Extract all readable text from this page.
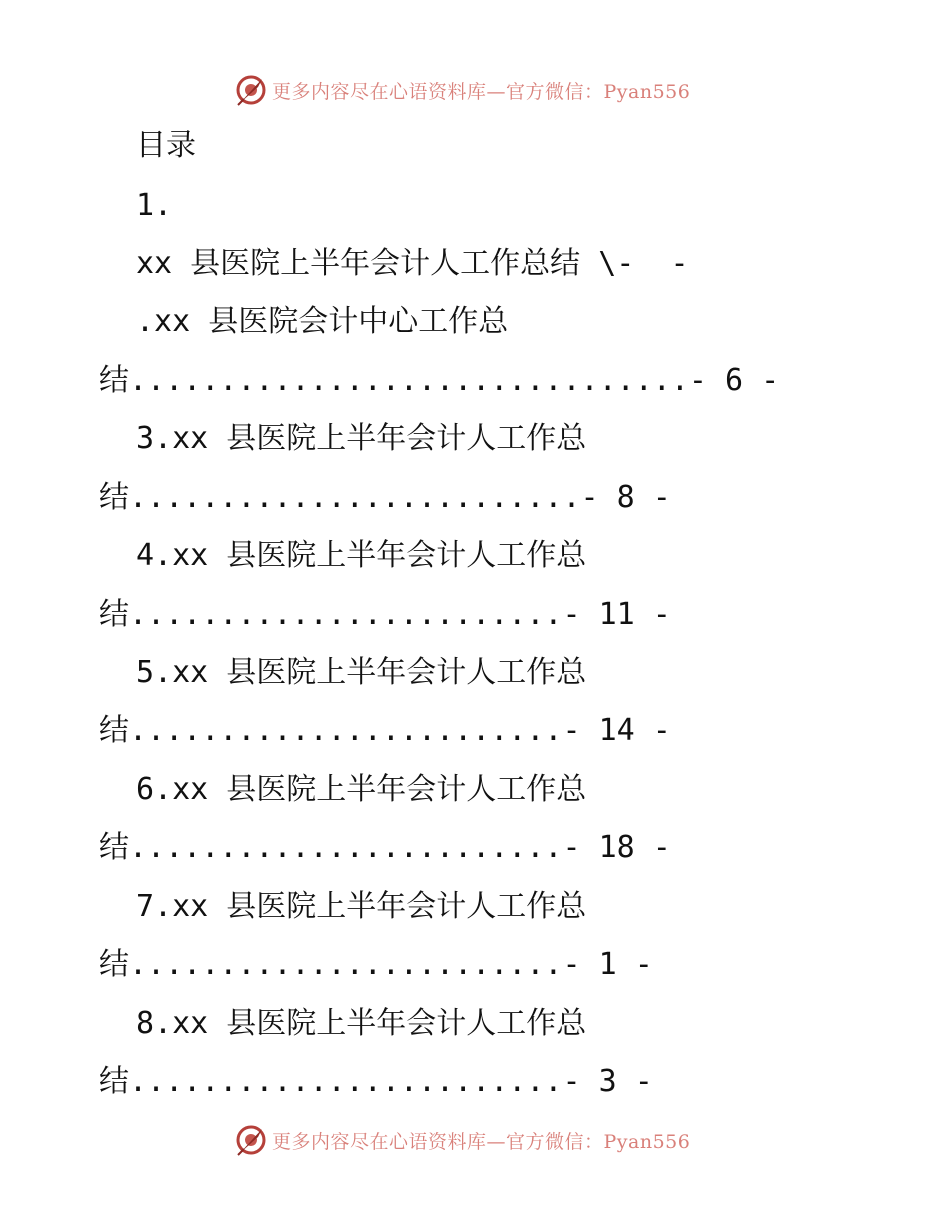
更多内容尽在心语资料库—官方微信：Pyan556
目录
1.
xx 县医院上半年会计人工作总结 \-  -
.xx 县医院会计中心工作总
结...............................- 6 -
3.xx 县医院上半年会计人工作总
结.........................- 8 -
4.xx 县医院上半年会计人工作总
结........................- 11 -
5.xx 县医院上半年会计人工作总
结........................- 14 -
6.xx 县医院上半年会计人工作总
结........................- 18 -
7.xx 县医院上半年会计人工作总
结........................- 1 -
8.xx 县医院上半年会计人工作总
结........................- 3 -
更多内容尽在心语资料库—官方微信：Pyan556
